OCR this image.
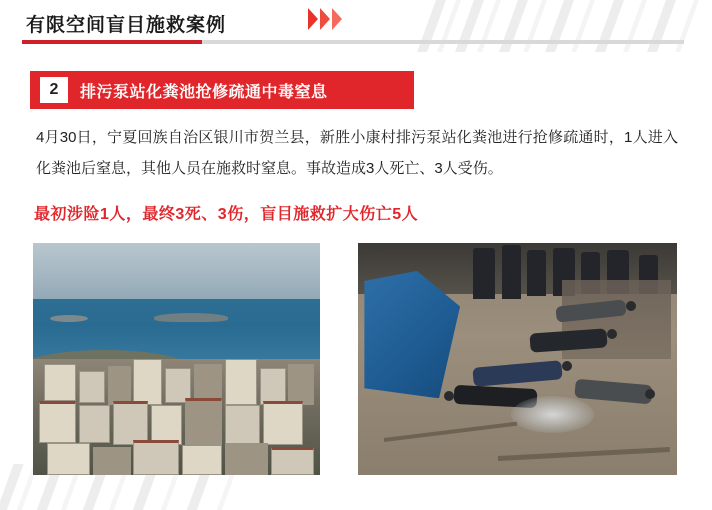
有限空间盲目施救案例
2	排污泵站化粪池抢修疏通中毒窒息
4月30日，宁夏回族自治区银川市贺兰县，新胜小康村排污泵站化粪池进行抢修疏通时，1人进入化粪池后窒息，其他人员在施救时窒息。事故造成3人死亡、3人受伤。
最初涉险1人，最终3死、3伤，盲目施救扩大伤亡5人
